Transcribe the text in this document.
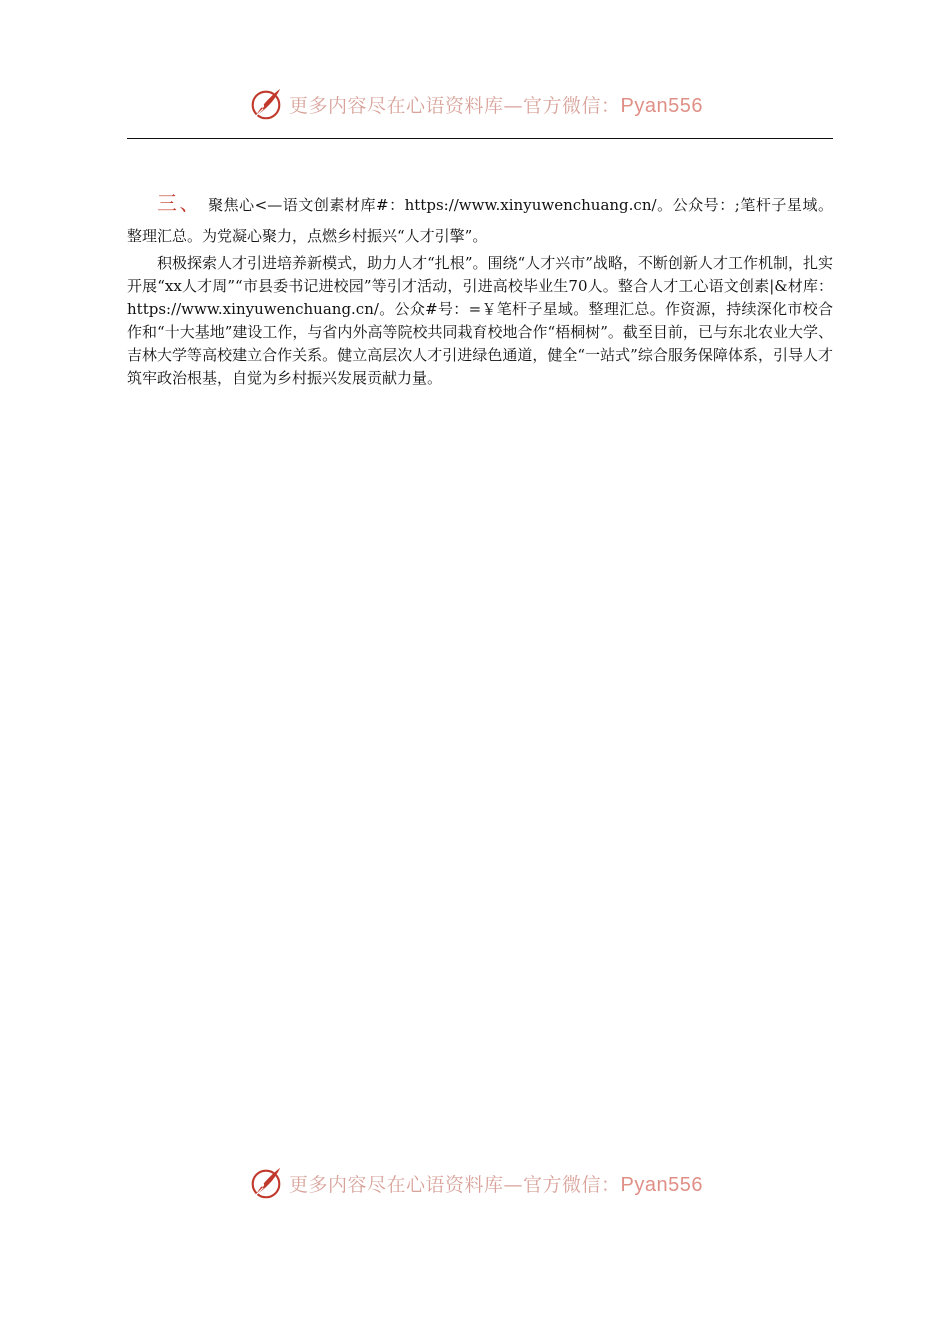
更多内容尽在心语资料库—官方微信：Pyan556

三、 聚焦心<—语文创素材库#：https://www.xinyuwenchuang.cn/。公众号：;笔杆子星域。整理汇总。为党凝心聚力，点燃乡村振兴“人才引擎”。

积极探索人才引进培养新模式，助力人才“扎根”。围绕“人才兴市”战略，不断创新人才工作机制，扎实开展“xx人才周”“市县委书记进校园”等引才活动，引进高校毕业生70人。整合人才工心语文创素|&材库：https://www.xinyuwenchuang.cn/。公众#号：=￥笔杆子星域。整理汇总。作资源，持续深化市校合作和“十大基地”建设工作，与省内外高等院校共同栽育校地合作“梧桐树”。截至目前，已与东北农业大学、吉林大学等高校建立合作关系。健立高层次人才引进绿色通道，健全“一站式”综合服务保障体系，引导人才筑牢政治根基，自觉为乡村振兴发展贡献力量。

更多内容尽在心语资料库—官方微信：Pyan556
